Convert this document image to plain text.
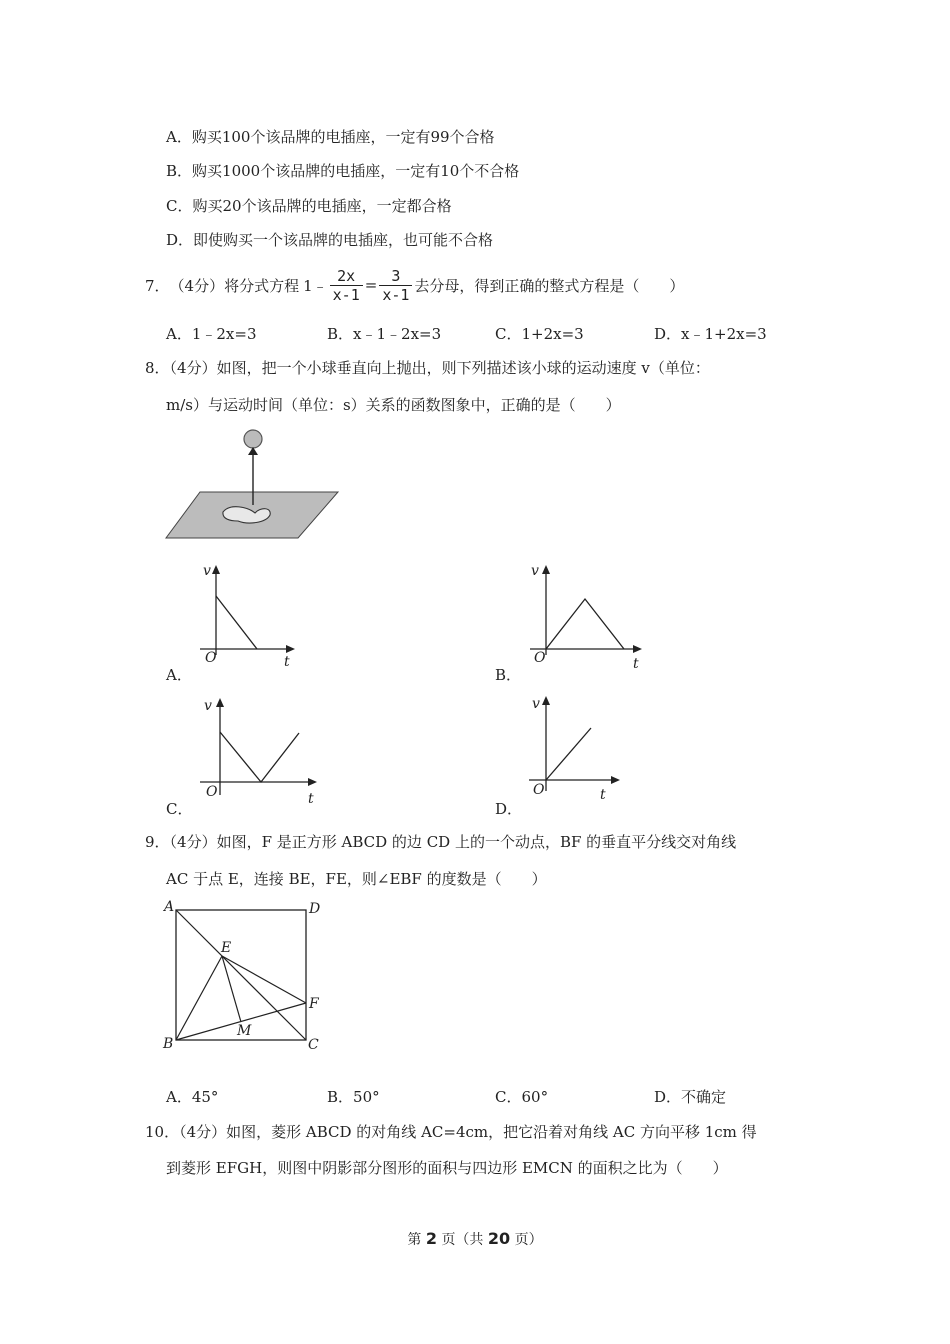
A．购买100个该品牌的电插座，一定有99个合格
B．购买1000个该品牌的电插座，一定有10个不合格
C．购买20个该品牌的电插座，一定都合格
D．即使购买一个该品牌的电插座，也可能不合格
7． （4分）将分式方程 1﹣ $\frac{2x}{x-1} = \frac{3}{x-1}$ 去分母，得到正确的整式方程是（　　）
A．1﹣2x=3	B．x﹣1﹣2x=3	C．1+2x=3	D．x﹣1+2x=3
8．（4分）如图，把一个小球垂直向上抛出，则下列描述该小球的运动速度 v（单位：
m/s）与运动时间（单位：s）关系的函数图象中，正确的是（　　）
v
O	t
A．
v
O	t
B．
v
O	t
C．
v
O	t
D．
9．（4分）如图，F 是正方形 ABCD 的边 CD 上的一个动点，BF 的垂直平分线交对角线
AC 于点 E，连接 BE，FE，则∠EBF 的度数是（　　）
A	D
B	C
E
F
M
A．45°	B．50°	C．60°	D．不确定
10．（4分）如图，菱形 ABCD 的对角线 AC=4cm，把它沿着对角线 AC 方向平移 1cm 得
到菱形 EFGH，则图中阴影部分图形的面积与四边形 EMCN 的面积之比为（　　）
第 2 页（共 20 页）
